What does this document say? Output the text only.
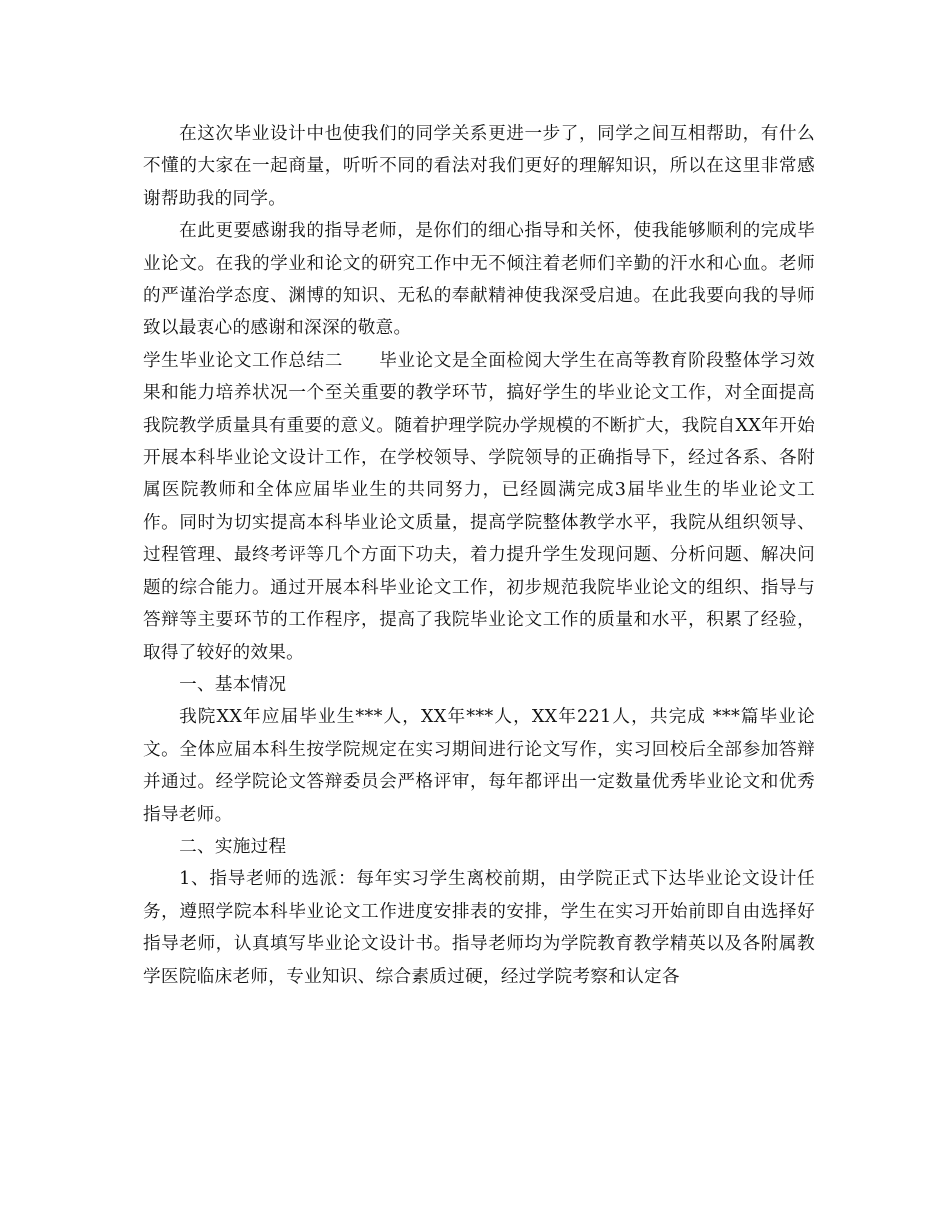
在这次毕业设计中也使我们的同学关系更进一步了，同学之间互相帮助，有什么不懂的大家在一起商量，听听不同的看法对我们更好的理解知识，所以在这里非常感谢帮助我的同学。

在此更要感谢我的指导老师，是你们的细心指导和关怀，使我能够顺利的完成毕业论文。在我的学业和论文的研究工作中无不倾注着老师们辛勤的汗水和心血。老师的严谨治学态度、渊博的知识、无私的奉献精神使我深受启迪。在此我要向我的导师致以最衷心的感谢和深深的敬意。

学生毕业论文工作总结二　　毕业论文是全面检阅大学生在高等教育阶段整体学习效果和能力培养状况一个至关重要的教学环节，搞好学生的毕业论文工作，对全面提高我院教学质量具有重要的意义。随着护理学院办学规模的不断扩大，我院自XX年开始开展本科毕业论文设计工作，在学校领导、学院领导的正确指导下，经过各系、各附属医院教师和全体应届毕业生的共同努力，已经圆满完成3届毕业生的毕业论文工作。同时为切实提高本科毕业论文质量，提高学院整体教学水平，我院从组织领导、过程管理、最终考评等几个方面下功夫，着力提升学生发现问题、分析问题、解决问题的综合能力。通过开展本科毕业论文工作，初步规范我院毕业论文的组织、指导与答辩等主要环节的工作程序，提高了我院毕业论文工作的质量和水平，积累了经验，取得了较好的效果。

一、基本情况

我院XX年应届毕业生***人，XX年***人，XX年221人，共完成 ***篇毕业论文。全体应届本科生按学院规定在实习期间进行论文写作，实习回校后全部参加答辩并通过。经学院论文答辩委员会严格评审，每年都评出一定数量优秀毕业论文和优秀指导老师。

二、实施过程

1、指导老师的选派：每年实习学生离校前期，由学院正式下达毕业论文设计任务，遵照学院本科毕业论文工作进度安排表的安排，学生在实习开始前即自由选择好指导老师，认真填写毕业论文设计书。指导老师均为学院教育教学精英以及各附属教学医院临床老师，专业知识、综合素质过硬，经过学院考察和认定各
